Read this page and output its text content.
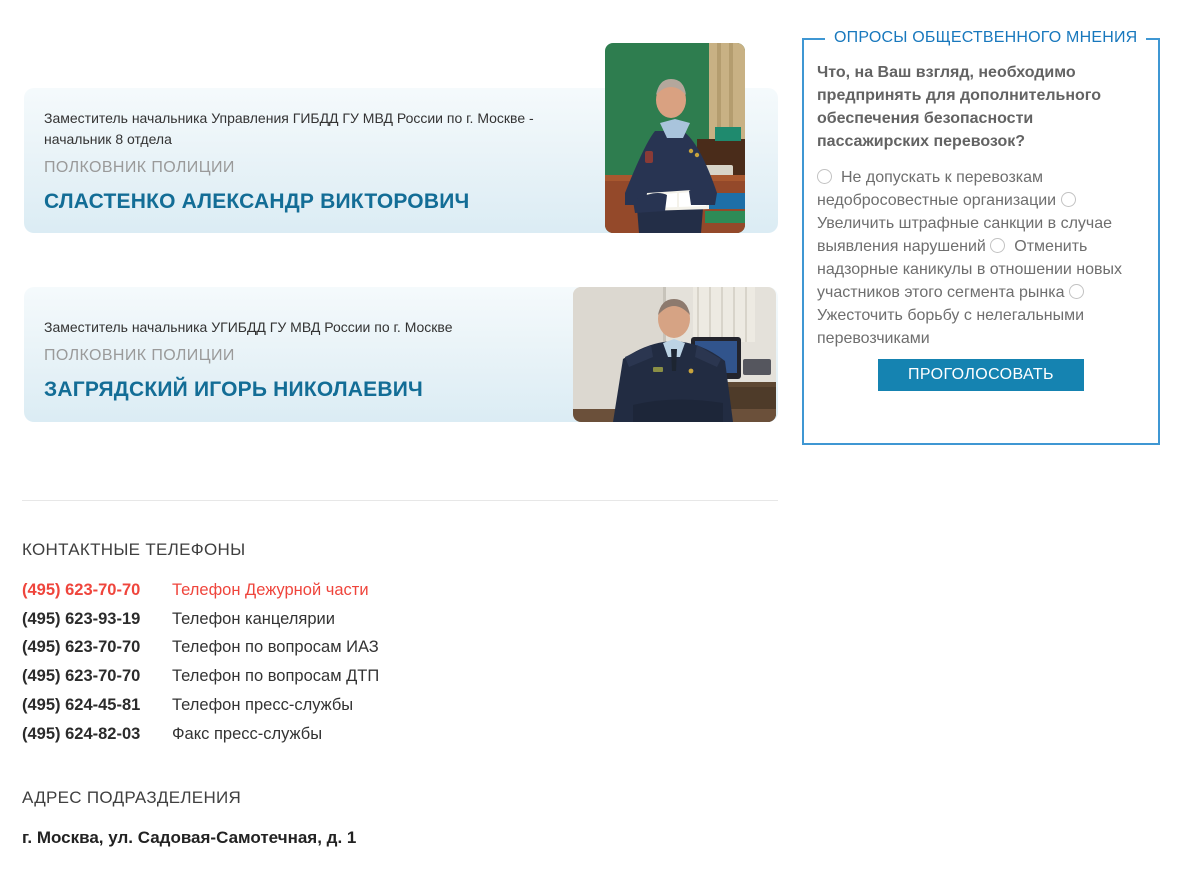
Заместитель начальника Управления ГИБДД ГУ МВД России по г. Москве - начальник 8 отдела

ПОЛКОВНИК ПОЛИЦИИ
СЛАСТЕНКО АЛЕКСАНДР ВИКТОРОВИЧ

Заместитель начальника УГИБДД ГУ МВД России по г. Москве

ПОЛКОВНИК ПОЛИЦИИ
ЗАГРЯДСКИЙ ИГОРЬ НИКОЛАЕВИЧ
ОПРОСЫ ОБЩЕСТВЕННОГО МНЕНИЯ

Что, на Ваш взгляд, необходимо предпринять для дополнительного обеспечения безопасности пассажирских перевозок?

Не допускать к перевозкам недобросовестные организации Увеличить штрафные санкции в случае выявления нарушений Отменить надзорные каникулы в отношении новых участников этого сегмента рынка Ужесточить борьбу с нелегальными перевозчиками
ПРОГОЛОСОВАТЬ
КОНТАКТНЫЕ ТЕЛЕФОНЫ
(495) 623-70-70 Телефон Дежурной части
(495) 623-93-19 Телефон канцелярии
(495) 623-70-70 Телефон по вопросам ИАЗ
(495) 623-70-70 Телефон по вопросам ДТП
(495) 624-45-81 Телефон пресс-службы
(495) 624-82-03 Факс пресс-службы
АДРЕС ПОДРАЗДЕЛЕНИЯ
г. Москва, ул. Садовая-Самотечная, д. 1
